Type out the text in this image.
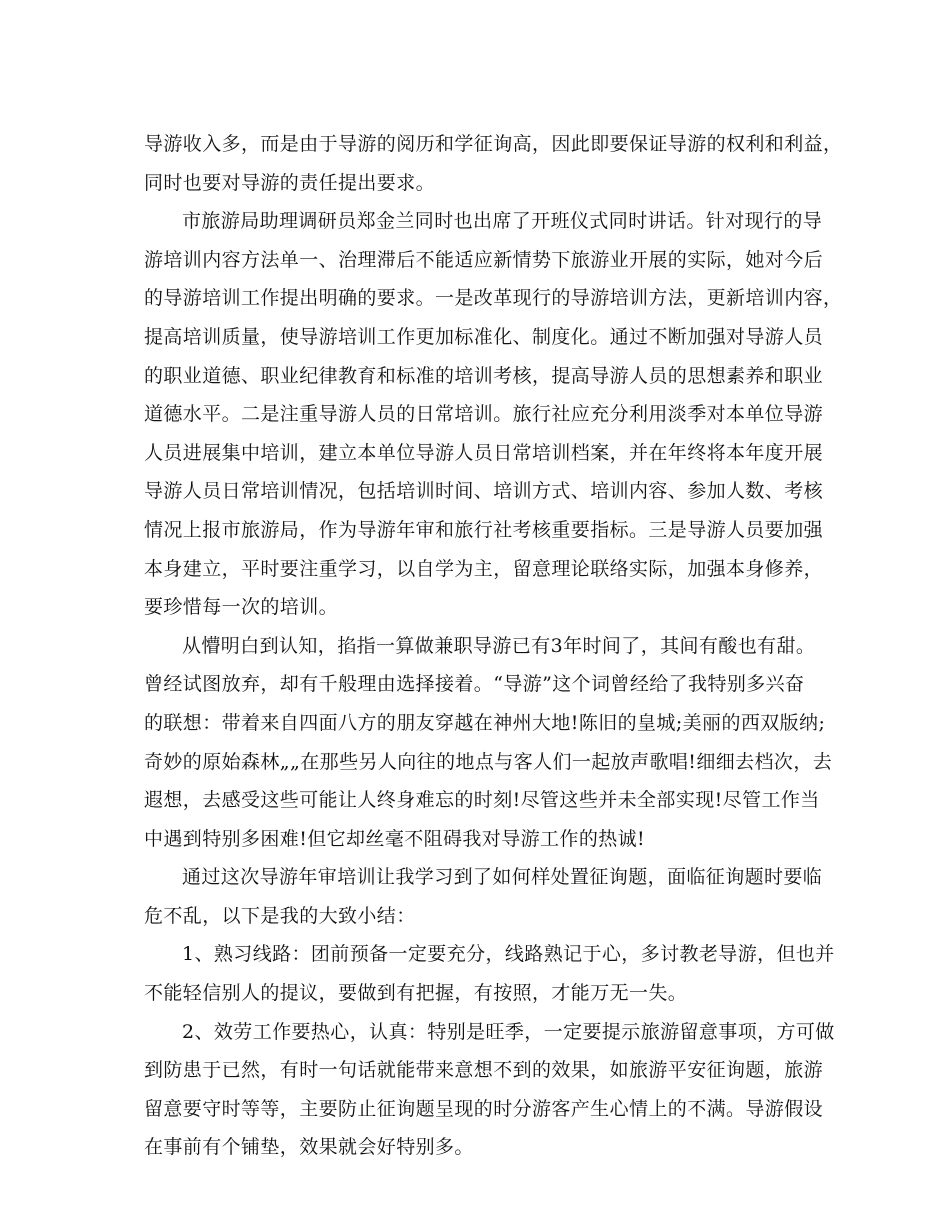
导游收入多，而是由于导游的阅历和学征询高，因此即要保证导游的权利和利益，
同时也要对导游的责任提出要求。
市旅游局助理调研员郑金兰同时也出席了开班仪式同时讲话。针对现行的导
游培训内容方法单一、治理滞后不能适应新情势下旅游业开展的实际，她对今后
的导游培训工作提出明确的要求。一是改革现行的导游培训方法，更新培训内容，
提高培训质量，使导游培训工作更加标准化、制度化。通过不断加强对导游人员
的职业道德、职业纪律教育和标准的培训考核，提高导游人员的思想素养和职业
道德水平。二是注重导游人员的日常培训。旅行社应充分利用淡季对本单位导游
人员进展集中培训，建立本单位导游人员日常培训档案，并在年终将本年度开展
导游人员日常培训情况，包括培训时间、培训方式、培训内容、参加人数、考核
情况上报市旅游局，作为导游年审和旅行社考核重要指标。三是导游人员要加强
本身建立，平时要注重学习，以自学为主，留意理论联络实际，加强本身修养，
要珍惜每一次的培训。
从懵明白到认知，掐指一算做兼职导游已有3年时间了，其间有酸也有甜。
曾经试图放弃，却有千般理由选择接着。“导游”这个词曾经给了我特别多兴奋
的联想：带着来自四面八方的朋友穿越在神州大地!陈旧的皇城;美丽的西双版纳;
奇妙的原始森林„„在那些另人向往的地点与客人们一起放声歌唱!细细去档次，去
遐想，去感受这些可能让人终身难忘的时刻!尽管这些并未全部实现!尽管工作当
中遇到特别多困难!但它却丝毫不阻碍我对导游工作的热诚!
通过这次导游年审培训让我学习到了如何样处置征询题，面临征询题时要临
危不乱，以下是我的大致小结：
1、熟习线路：团前预备一定要充分，线路熟记于心，多讨教老导游，但也并
不能轻信别人的提议，要做到有把握，有按照，才能万无一失。
2、效劳工作要热心，认真：特别是旺季，一定要提示旅游留意事项，方可做
到防患于已然，有时一句话就能带来意想不到的效果，如旅游平安征询题，旅游
留意要守时等等，主要防止征询题呈现的时分游客产生心情上的不满。导游假设
在事前有个铺垫，效果就会好特别多。
